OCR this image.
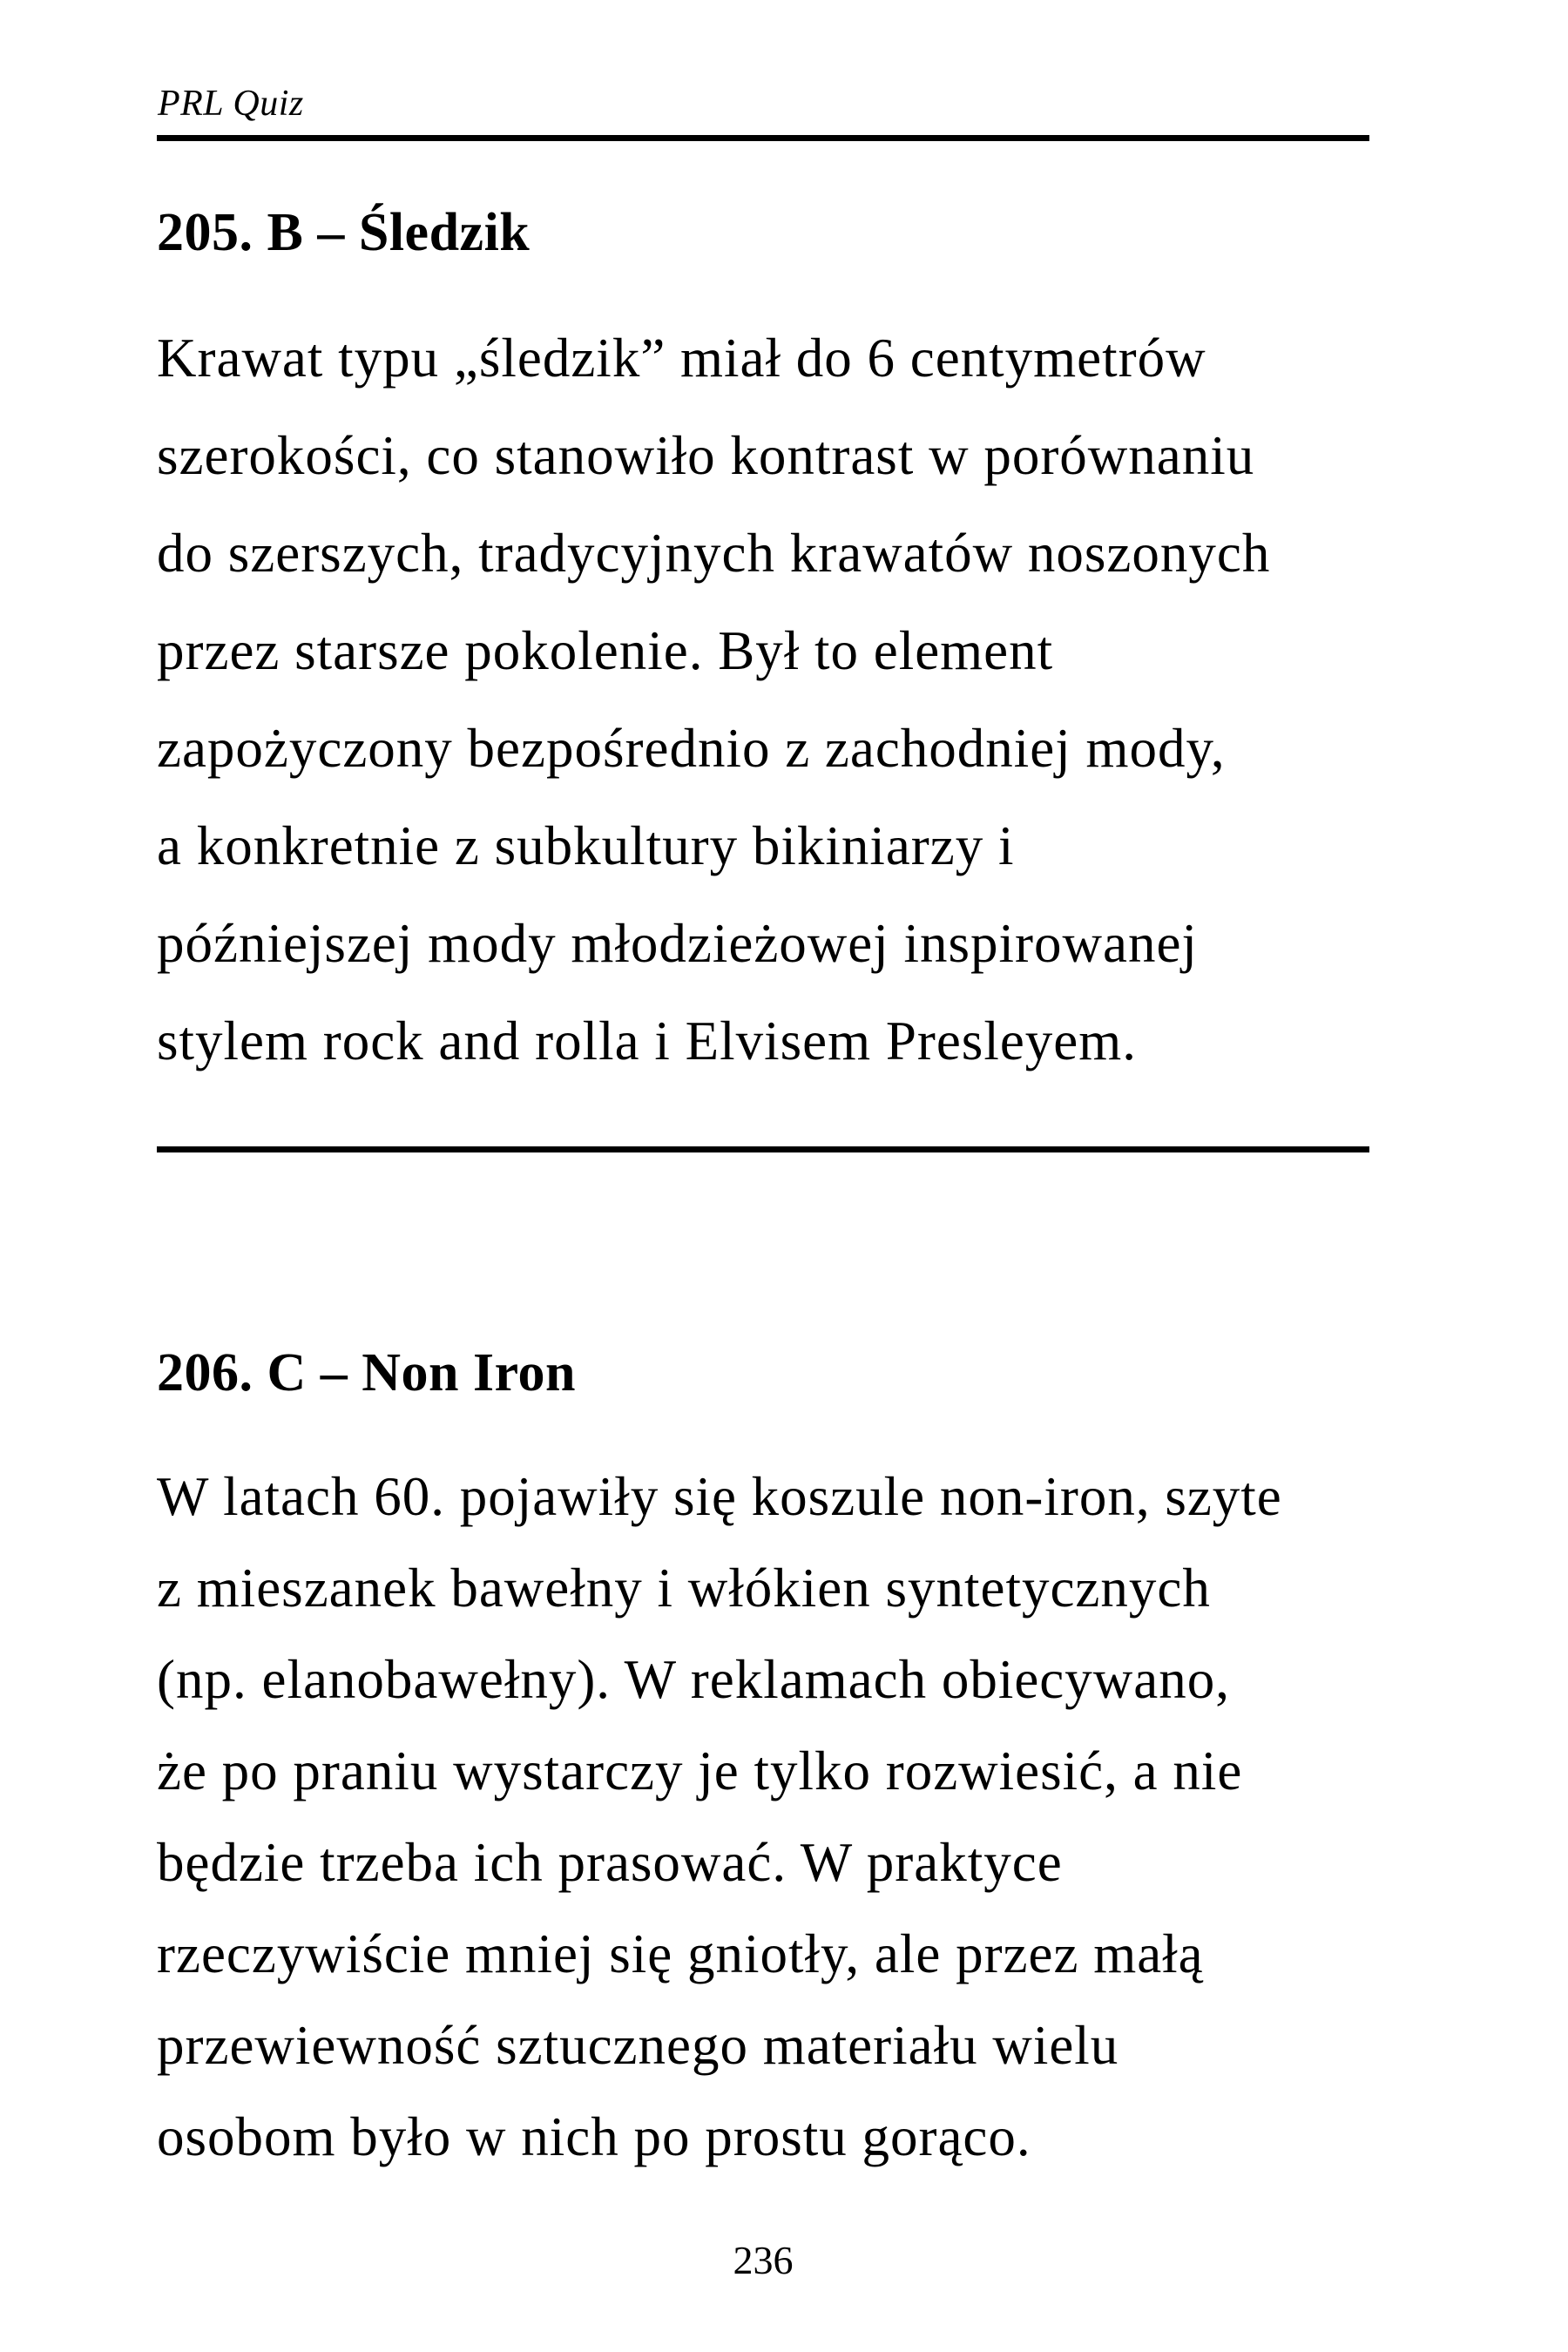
PRL Quiz
205. B – Śledzik
Krawat typu „śledzik” miał do 6 centymetrów
szerokości, co stanowiło kontrast w porównaniu
do szerszych, tradycyjnych krawatów noszonych
przez starsze pokolenie. Był to element
zapożyczony bezpośrednio z zachodniej mody,
a konkretnie z subkultury bikiniarzy i
późniejszej mody młodzieżowej inspirowanej
stylem rock and rolla i Elvisem Presleyem.
206. C – Non Iron
W latach 60. pojawiły się koszule non-iron, szyte
z mieszanek bawełny i włókien syntetycznych
(np. elanobawełny). W reklamach obiecywano,
że po praniu wystarczy je tylko rozwiesić, a nie
będzie trzeba ich prasować. W praktyce
rzeczywiście mniej się gniotły, ale przez małą
przewiewność sztucznego materiału wielu
osobom było w nich po prostu gorąco.
236
